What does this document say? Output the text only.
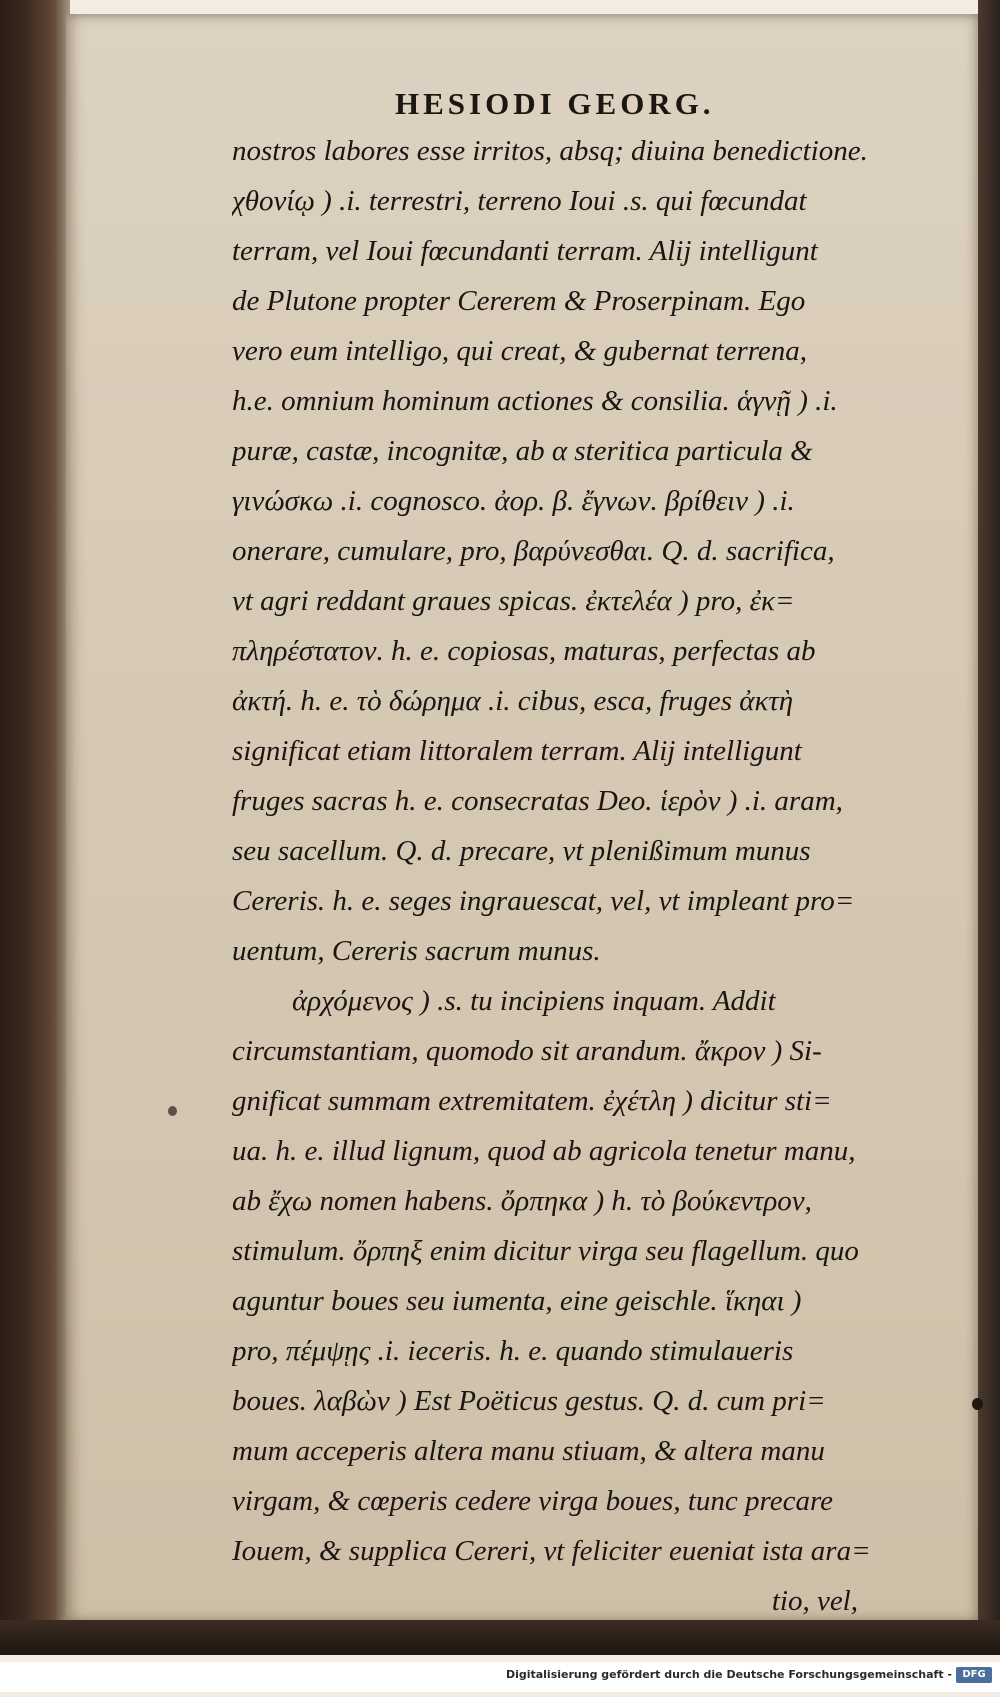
HESIODI GEORG.
nostros labores esse irritos, absq; diuina benedictione.
χθονίῳ ) .i. terrestri, terreno Ioui .s. qui fœcundat
terram, vel Ioui fœcundanti terram. Alij intelligunt
de Plutone propter Cererem & Proserpinam. Ego
vero eum intelligo, qui creat, & gubernat terrena,
h.e. omnium hominum actiones & consilia. ἁγνῇ ) .i.
puræ, castæ, incognitæ, ab α steritica particula &
γινώσκω .i. cognosco. ἀορ. β. ἔγνων. βρίθειν ) .i.
onerare, cumulare, pro, βαρύνεσθαι. Q. d. sacrifica,
vt agri reddant graues spicas. ἐκτελέα ) pro, ἐκ=
πληρέστατον. h. e. copiosas, maturas, perfectas ab
ἀκτή. h. e. τὸ δώρημα .i. cibus, esca, fruges ἀκτὴ
significat etiam littoralem terram. Alij intelligunt
fruges sacras h. e. consecratas Deo. ἱερὸν ) .i. aram,
seu sacellum. Q. d. precare, vt plenißimum munus
Cereris. h. e. seges ingrauescat, vel, vt impleant pro=
uentum, Cereris sacrum munus.
ἀρχόμενος ) .s. tu incipiens inquam. Addit
circumstantiam, quomodo sit arandum. ἄκρον ) Si-
gnificat summam extremitatem. ἐχέτλη ) dicitur sti=
ua. h. e. illud lignum, quod ab agricola tenetur manu,
ab ἔχω nomen habens. ὄρπηκα ) h. τὸ βούκεντρον,
stimulum. ὄρπηξ enim dicitur virga seu flagellum. quo
aguntur boues seu iumenta, eine geischle. ἵκηαι )
pro, πέμψῃς .i. ieceris. h. e. quando stimulaueris
boues. λαβὼν ) Est Poëticus gestus. Q. d. cum pri=
mum acceperis altera manu stiuam, & altera manu
virgam, & cœperis cedere virga boues, tunc precare
Iouem, & supplica Cereri, vt feliciter eueniat ista ara=
tio, vel,
Digitalisierung gefördert durch die Deutsche Forschungsgemeinschaft -	DFG
